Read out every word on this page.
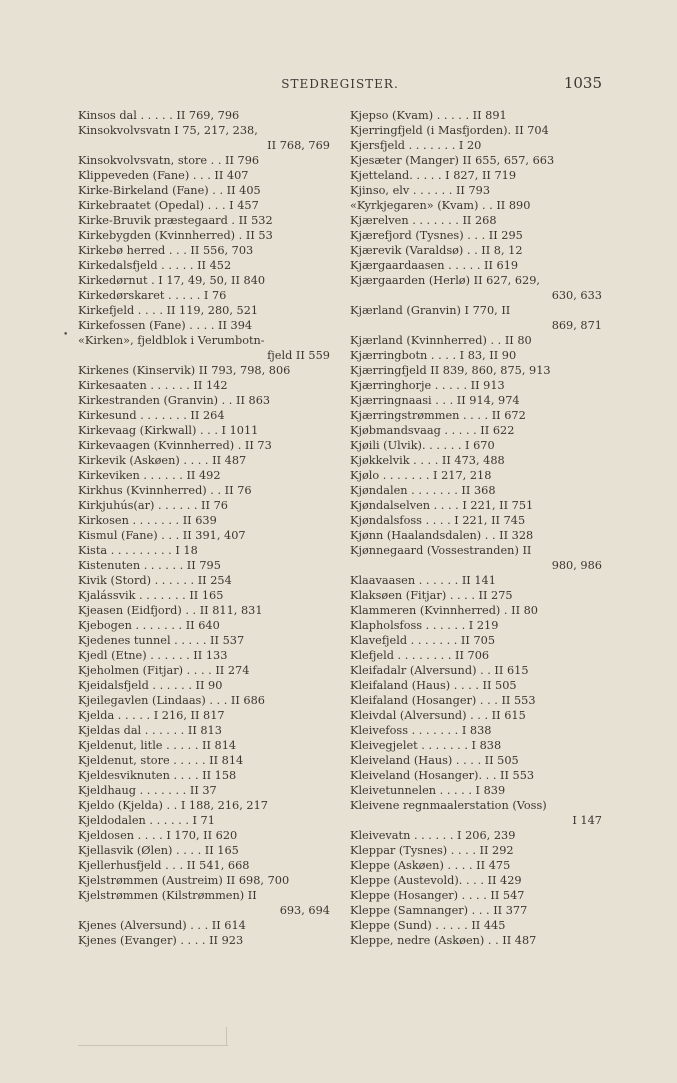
STEDREGISTER.	1035
•
Kinsos dal . . . . . II 769, 796
Kinsokvolvsvatn I 75, 217, 238,
II 768, 769
Kinsokvolvsvatn, store . . II 796
Klippeveden (Fane) . . . II 407
Kirke-Birkeland (Fane) . . II 405
Kirkebraatet (Opedal) . . . I 457
Kirke-Bruvik præstegaard . II 532
Kirkebygden (Kvinnherred) . II 53
Kirkebø herred . . . II 556, 703
Kirkedalsfjeld . . . . . II 452
Kirkedørnut . I 17, 49, 50, II 840
Kirkedørskaret . . . . . I 76
Kirkefjeld . . . . II 119, 280, 521
Kirkefossen (Fane) . . . . II 394
«Kirken», fjeldblok i Verumbotn-
fjeld II 559
Kirkenes (Kinservik) II 793, 798, 806
Kirkesaaten . . . . . . II 142
Kirkestranden (Granvin) . . II 863
Kirkesund . . . . . . . II 264
Kirkevaag (Kirkwall) . . . I 1011
Kirkevaagen (Kvinnherred) . II 73
Kirkevik (Askøen) . . . . II 487
Kirkeviken . . . . . . II 492
Kirkhus (Kvinnherred) . . II 76
Kirkjuhús(ar) . . . . . . II 76
Kirkosen . . . . . . . II 639
Kismul (Fane) . . . II 391, 407
Kista . . . . . . . . . I 18
Kistenuten . . . . . . II 795
Kivik (Stord) . . . . . . II 254
Kjalássvik . . . . . . . II 165
Kjeasen (Eidfjord) . . II 811, 831
Kjebogen . . . . . . . II 640
Kjedenes tunnel . . . . . II 537
Kjedl (Etne) . . . . . . II 133
Kjeholmen (Fitjar) . . . . II 274
Kjeidalsfjeld . . . . . . II 90
Kjeilegavlen (Lindaas) . . . II 686
Kjelda . . . . . I 216, II 817
Kjeldas dal . . . . . . II 813
Kjeldenut, litle . . . . . II 814
Kjeldenut, store . . . . . II 814
Kjeldesviknuten . . . . II 158
Kjeldhaug . . . . . . . II 37
Kjeldo (Kjelda) . . I 188, 216, 217
Kjeldodalen . . . . . . I 71
Kjeldosen . . . . I 170, II 620
Kjellasvik (Ølen) . . . . II 165
Kjellerhusfjeld . . . II 541, 668
Kjelstrømmen (Austreim) II 698, 700
Kjelstrømmen (Kilstrømmen) II
693, 694
Kjenes (Alversund) . . . II 614
Kjenes (Evanger) . . . . II 923
Kjepso (Kvam) . . . . . II 891
Kjerringfjeld (i Masfjorden). II 704
Kjersfjeld . . . . . . . I 20
Kjesæter (Manger) II 655, 657, 663
Kjetteland. . . . . I 827, II 719
Kjinso, elv . . . . . . II 793
«Kyrkjegaren» (Kvam) . . II 890
Kjærelven . . . . . . . II 268
Kjærefjord (Tysnes) . . . II 295
Kjærevik (Varaldsø) . . II 8, 12
Kjærgaardaasen . . . . . II 619
Kjærgaarden (Herlø) II 627, 629,
630, 633
Kjærland (Granvin) I 770, II
869, 871
Kjærland (Kvinnherred) . . II 80
Kjærringbotn . . . . I 83, II 90
Kjærringfjeld II 839, 860, 875, 913
Kjærringhorje . . . . . II 913
Kjærringnaasi . . . II 914, 974
Kjærringstrømmen . . . . II 672
Kjøbmandsvaag . . . . . II 622
Kjøili (Ulvik). . . . . . I 670
Kjøkkelvik . . . . II 473, 488
Kjølo . . . . . . . I 217, 218
Kjøndalen . . . . . . . II 368
Kjøndalselven . . . . I 221, II 751
Kjøndalsfoss . . . . I 221, II 745
Kjønn (Haalandsdalen) . . II 328
Kjønnegaard (Vossestranden) II
980, 986
Klaavaasen . . . . . . II 141
Klaksøen (Fitjar) . . . . II 275
Klammeren (Kvinnherred) . II 80
Klapholsfoss . . . . . . I 219
Klavefjeld . . . . . . . II 705
Klefjeld . . . . . . . . II 706
Kleifadalr (Alversund) . . II 615
Kleifaland (Haus) . . . . II 505
Kleifaland (Hosanger) . . . II 553
Kleivdal (Alversund) . . . II 615
Kleivefoss . . . . . . . I 838
Kleivegjelet . . . . . . . I 838
Kleiveland (Haus) . . . . II 505
Kleiveland (Hosanger). . . II 553
Kleivetunnelen . . . . . I 839
Kleivene regnmaalerstation (Voss)
I 147
Kleivevatn . . . . . . I 206, 239
Kleppar (Tysnes) . . . . II 292
Kleppe (Askøen) . . . . II 475
Kleppe (Austevold). . . . II 429
Kleppe (Hosanger) . . . . II 547
Kleppe (Samnanger) . . . II 377
Kleppe (Sund) . . . . . II 445
Kleppe, nedre (Askøen) . . II 487
